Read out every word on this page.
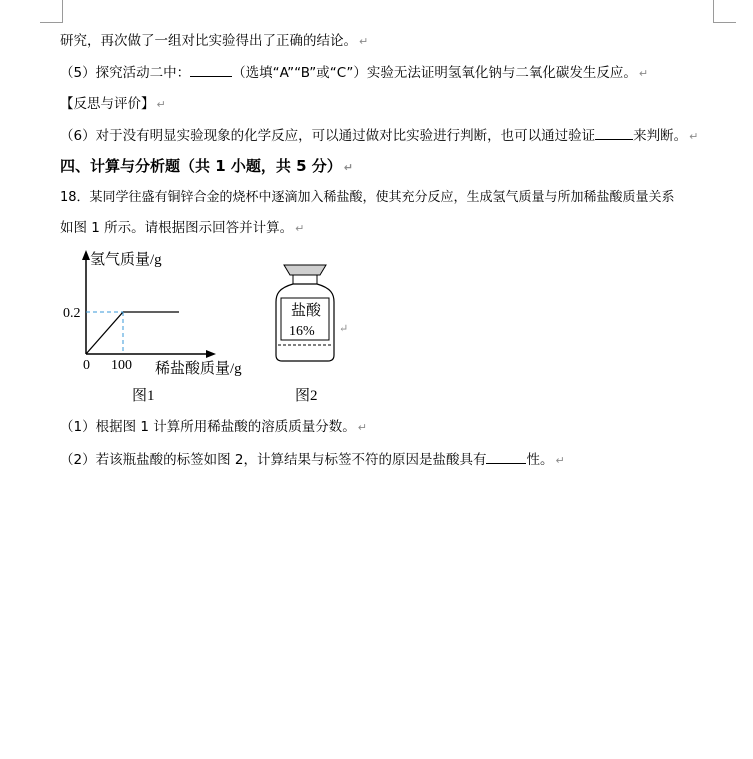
研究，再次做了一组对比实验得出了正确的结论。 ↵
（5）探究活动二中：	（选填“A”“B”或“C”）实验无法证明氢氧化钠与二氧化碳发生反应。 ↵
【反思与评价】 ↵
（6）对于没有明显实验现象的化学反应，可以通过做对比实验进行判断，也可以通过验证	来判断。 ↵
四、计算与分析题（共 1 小题，共 5 分） ↵
18．某同学往盛有铜锌合金的烧杯中逐滴加入稀盐酸，使其充分反应，生成氢气质量与所加稀盐酸质量关系
如图 1 所示。请根据图示回答并计算。 ↵
氢气质量/g
0.2
0 100 稀盐酸质量/g
图1
盐酸
16% ↵
图2
（1）根据图 1 计算所用稀盐酸的溶质质量分数。 ↵
（2）若该瓶盐酸的标签如图 2，计算结果与标签不符的原因是盐酸具有	性。 ↵
